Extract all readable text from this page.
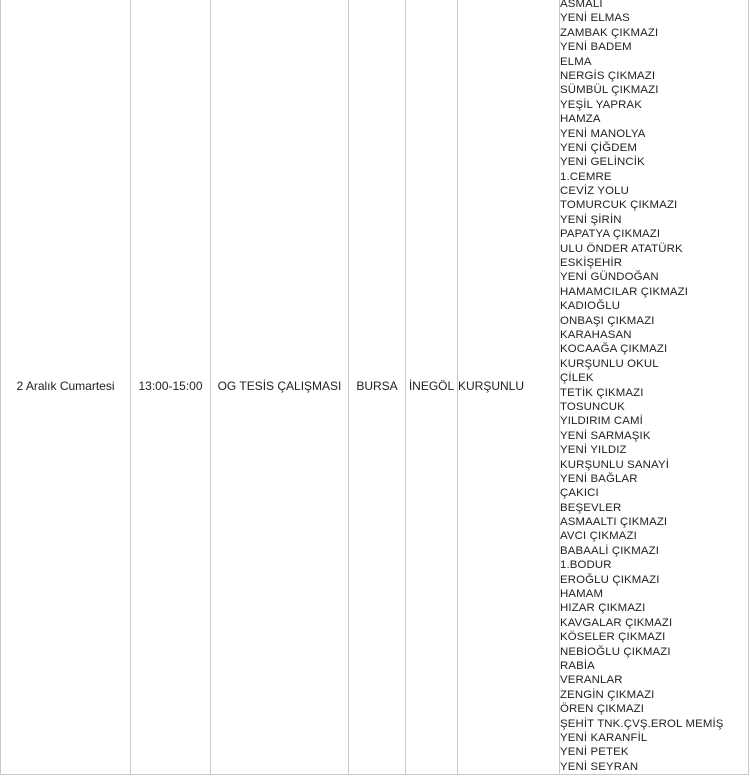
2 Aralık Cumartesi	13:00-15:00	OG TESİS ÇALIŞMASI	BURSA	İNEGÖL	KURŞUNLU	
ASMALI
YENİ ELMAS
ZAMBAK ÇIKMAZI
YENİ BADEM
ELMA
NERGİS ÇIKMAZI
SÜMBÜL ÇIKMAZI
YEŞİL YAPRAK
HAMZA
YENİ MANOLYA
YENİ ÇİĞDEM
YENİ GELİNCİK
1.CEMRE
CEVİZ YOLU
TOMURCUK ÇIKMAZI
YENİ ŞİRİN
PAPATYA ÇIKMAZI
ULU ÖNDER ATATÜRK
ESKİŞEHİR
YENİ GÜNDOĞAN
HAMAMCILAR ÇIKMAZI
KADIOĞLU
ONBAŞI ÇIKMAZI
KARAHASAN
KOCAAĞA ÇIKMAZI
KURŞUNLU OKUL
ÇİLEK
TETİK ÇIKMAZI
TOSUNCUK
YILDIRIM CAMİ
YENİ SARMAŞIK
YENİ YILDIZ
KURŞUNLU SANAYİ
YENİ BAĞLAR
ÇAKICI
BEŞEVLER
ASMAALTI ÇIKMAZI
AVCI ÇIKMAZI
BABAALİ ÇIKMAZI
1.BODUR
EROĞLU ÇIKMAZI
HAMAM
HIZAR ÇIKMAZI
KAVGALAR ÇIKMAZI
KÖSELER ÇIKMAZI
NEBİOĞLU ÇIKMAZI
RABİA
VERANLAR
ZENGİN ÇIKMAZI
ÖREN ÇIKMAZI
ŞEHİT TNK.ÇVŞ.EROL MEMİŞ
YENİ KARANFİL
YENİ PETEK
YENİ SEYRAN
